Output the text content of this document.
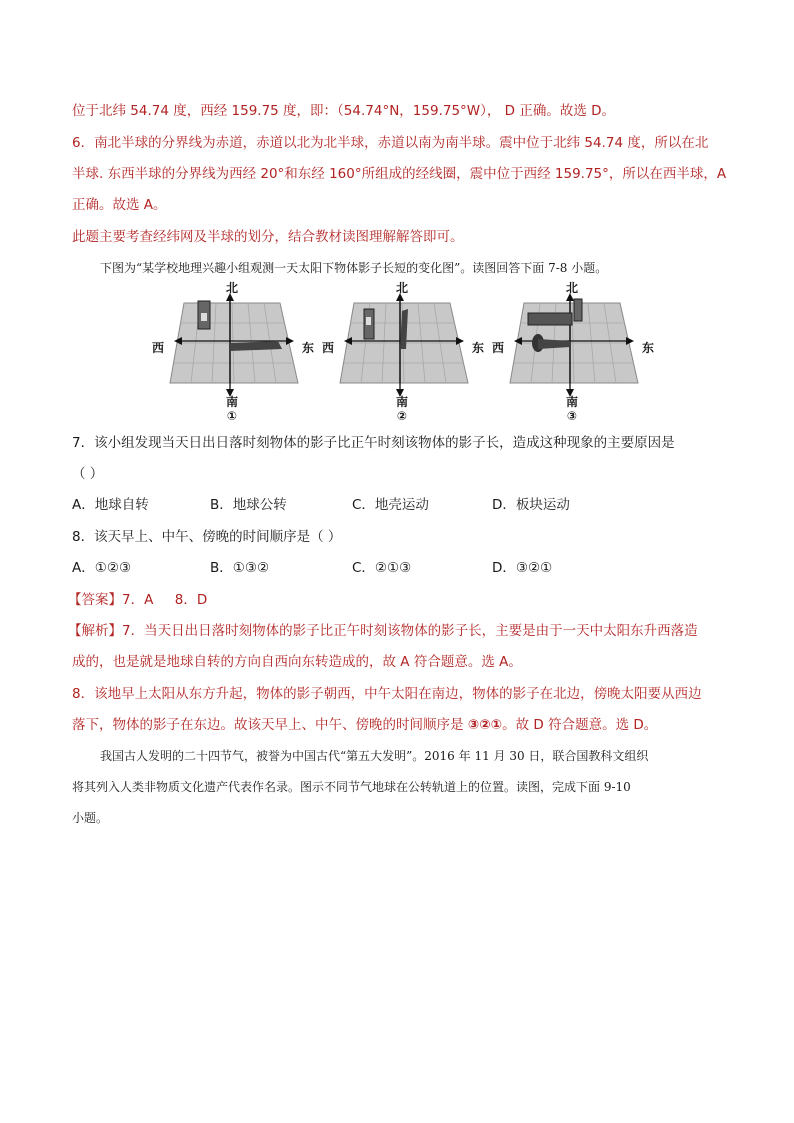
位于北纬 54.74 度，西经 159.75 度，即：（54.74°N，159.75°W）， D 正确。故选 D。
6．南北半球的分界线为赤道，赤道以北为北半球，赤道以南为南半球。震中位于北纬 54.74 度，所以在北
半球. 东西半球的分界线为西经 20°和东经 160°所组成的经线圈，震中位于西经 159.75°，所以在西半球，A
正确。故选 A。
此题主要考查经纬网及半球的划分，结合教材读图理解解答即可。
下图为“某学校地理兴趣小组观测一天太阳下物体影子长短的变化图”。读图回答下面 7-8 小题。
北
西	东
南
①
北
西	东
南
②
北
西	东
南
③
7．该小组发现当天日出日落时刻物体的影子比正午时刻该物体的影子长，造成这种现象的主要原因是
（ ）
A．地球自转	B．地球公转	C．地壳运动	D．板块运动
8．该天早上、中午、傍晚的时间顺序是（ ）
A．①②③	B．①③②	C．②①③	D．③②①
【答案】7．A     8．D
【解析】7．当天日出日落时刻物体的影子比正午时刻该物体的影子长，主要是由于一天中太阳东升西落造
成的，也是就是地球自转的方向自西向东转造成的，故 A 符合题意。选 A。
8．该地早上太阳从东方升起，物体的影子朝西，中午太阳在南边，物体的影子在北边，傍晚太阳要从西边
落下，物体的影子在东边。故该天早上、中午、傍晚的时间顺序是 ③②①。故 D 符合题意。选 D。
我国古人发明的二十四节气，被誉为中国古代“第五大发明”。2016 年 11 月 30 日，联合国教科文组织
将其列入人类非物质文化遗产代表作名录。图示不同节气地球在公转轨道上的位置。读图，完成下面 9-10
小题。
